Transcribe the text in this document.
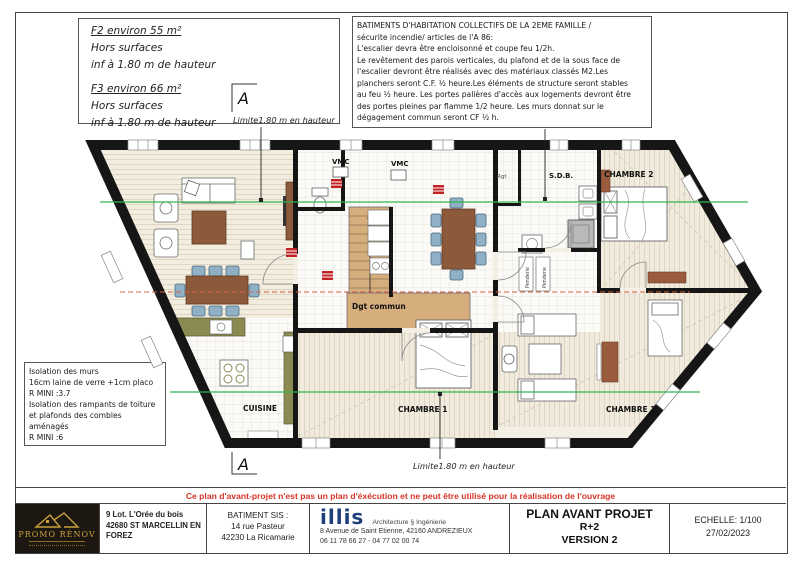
F2 environ 55 m²
Hors surfaces
inf à 1.80 m de hauteur
F3 environ 66 m²
Hors surfaces
inf à 1.80 m de hauteur
BATIMENTS D'HABITATION COLLECTIFS DE LA 2EME FAMILLE /
sécurite incendie/ articles de l'A 86:
L'escalier devra être encloisonné et coupe feu 1/2h.
Le revêtement des parois verticales, du plafond et de la sous face de
l'escalier devront être réalisés avec des matériaux classés M2.Les
planchers seront C.F. ½ heure.Les éléments de structure seront stables
au feu ½ heure. Les portes palières d'accès aux logements devront être
des portes pleines par flamme 1/2 heure. Les murs donnat sur le
dégagement commun seront CF ½ h.
Isolation des murs
16cm laine de verre +1cm placo
R MINI :3.7
Isolation des rampants de toiture
et plafonds des combles
aménagés
R MINI :6
A
A
Limite1.80 m en hauteur
Limite1.80 m en hauteur
VMC	VMC
Rgt	S.D.B.	CHAMBRE 2
Dgt commun
CUISINE	CHAMBRE 1	CHAMBRE 1
Penderie	Penderie
Ce plan d'avant-projet n'est pas un plan d'éxécution et ne peut être utilisé pour la réalisation de l'ouvrage
PROMO RÉNOV
9 Lot. L'Orée du bois
42680 ST MARCELLIN EN
FOREZ
BATIMENT SIS :
14 rue Pasteur
42230 La Ricamarie
illis Architecture § Ingénierie
8 Avenue de Saint Etienne, 42160 ANDREZIEUX
06 11 78 66 27 - 04 77 02 00 74
PLAN AVANT PROJET
R+2
VERSION 2
ECHELLE: 1/100
27/02/2023
